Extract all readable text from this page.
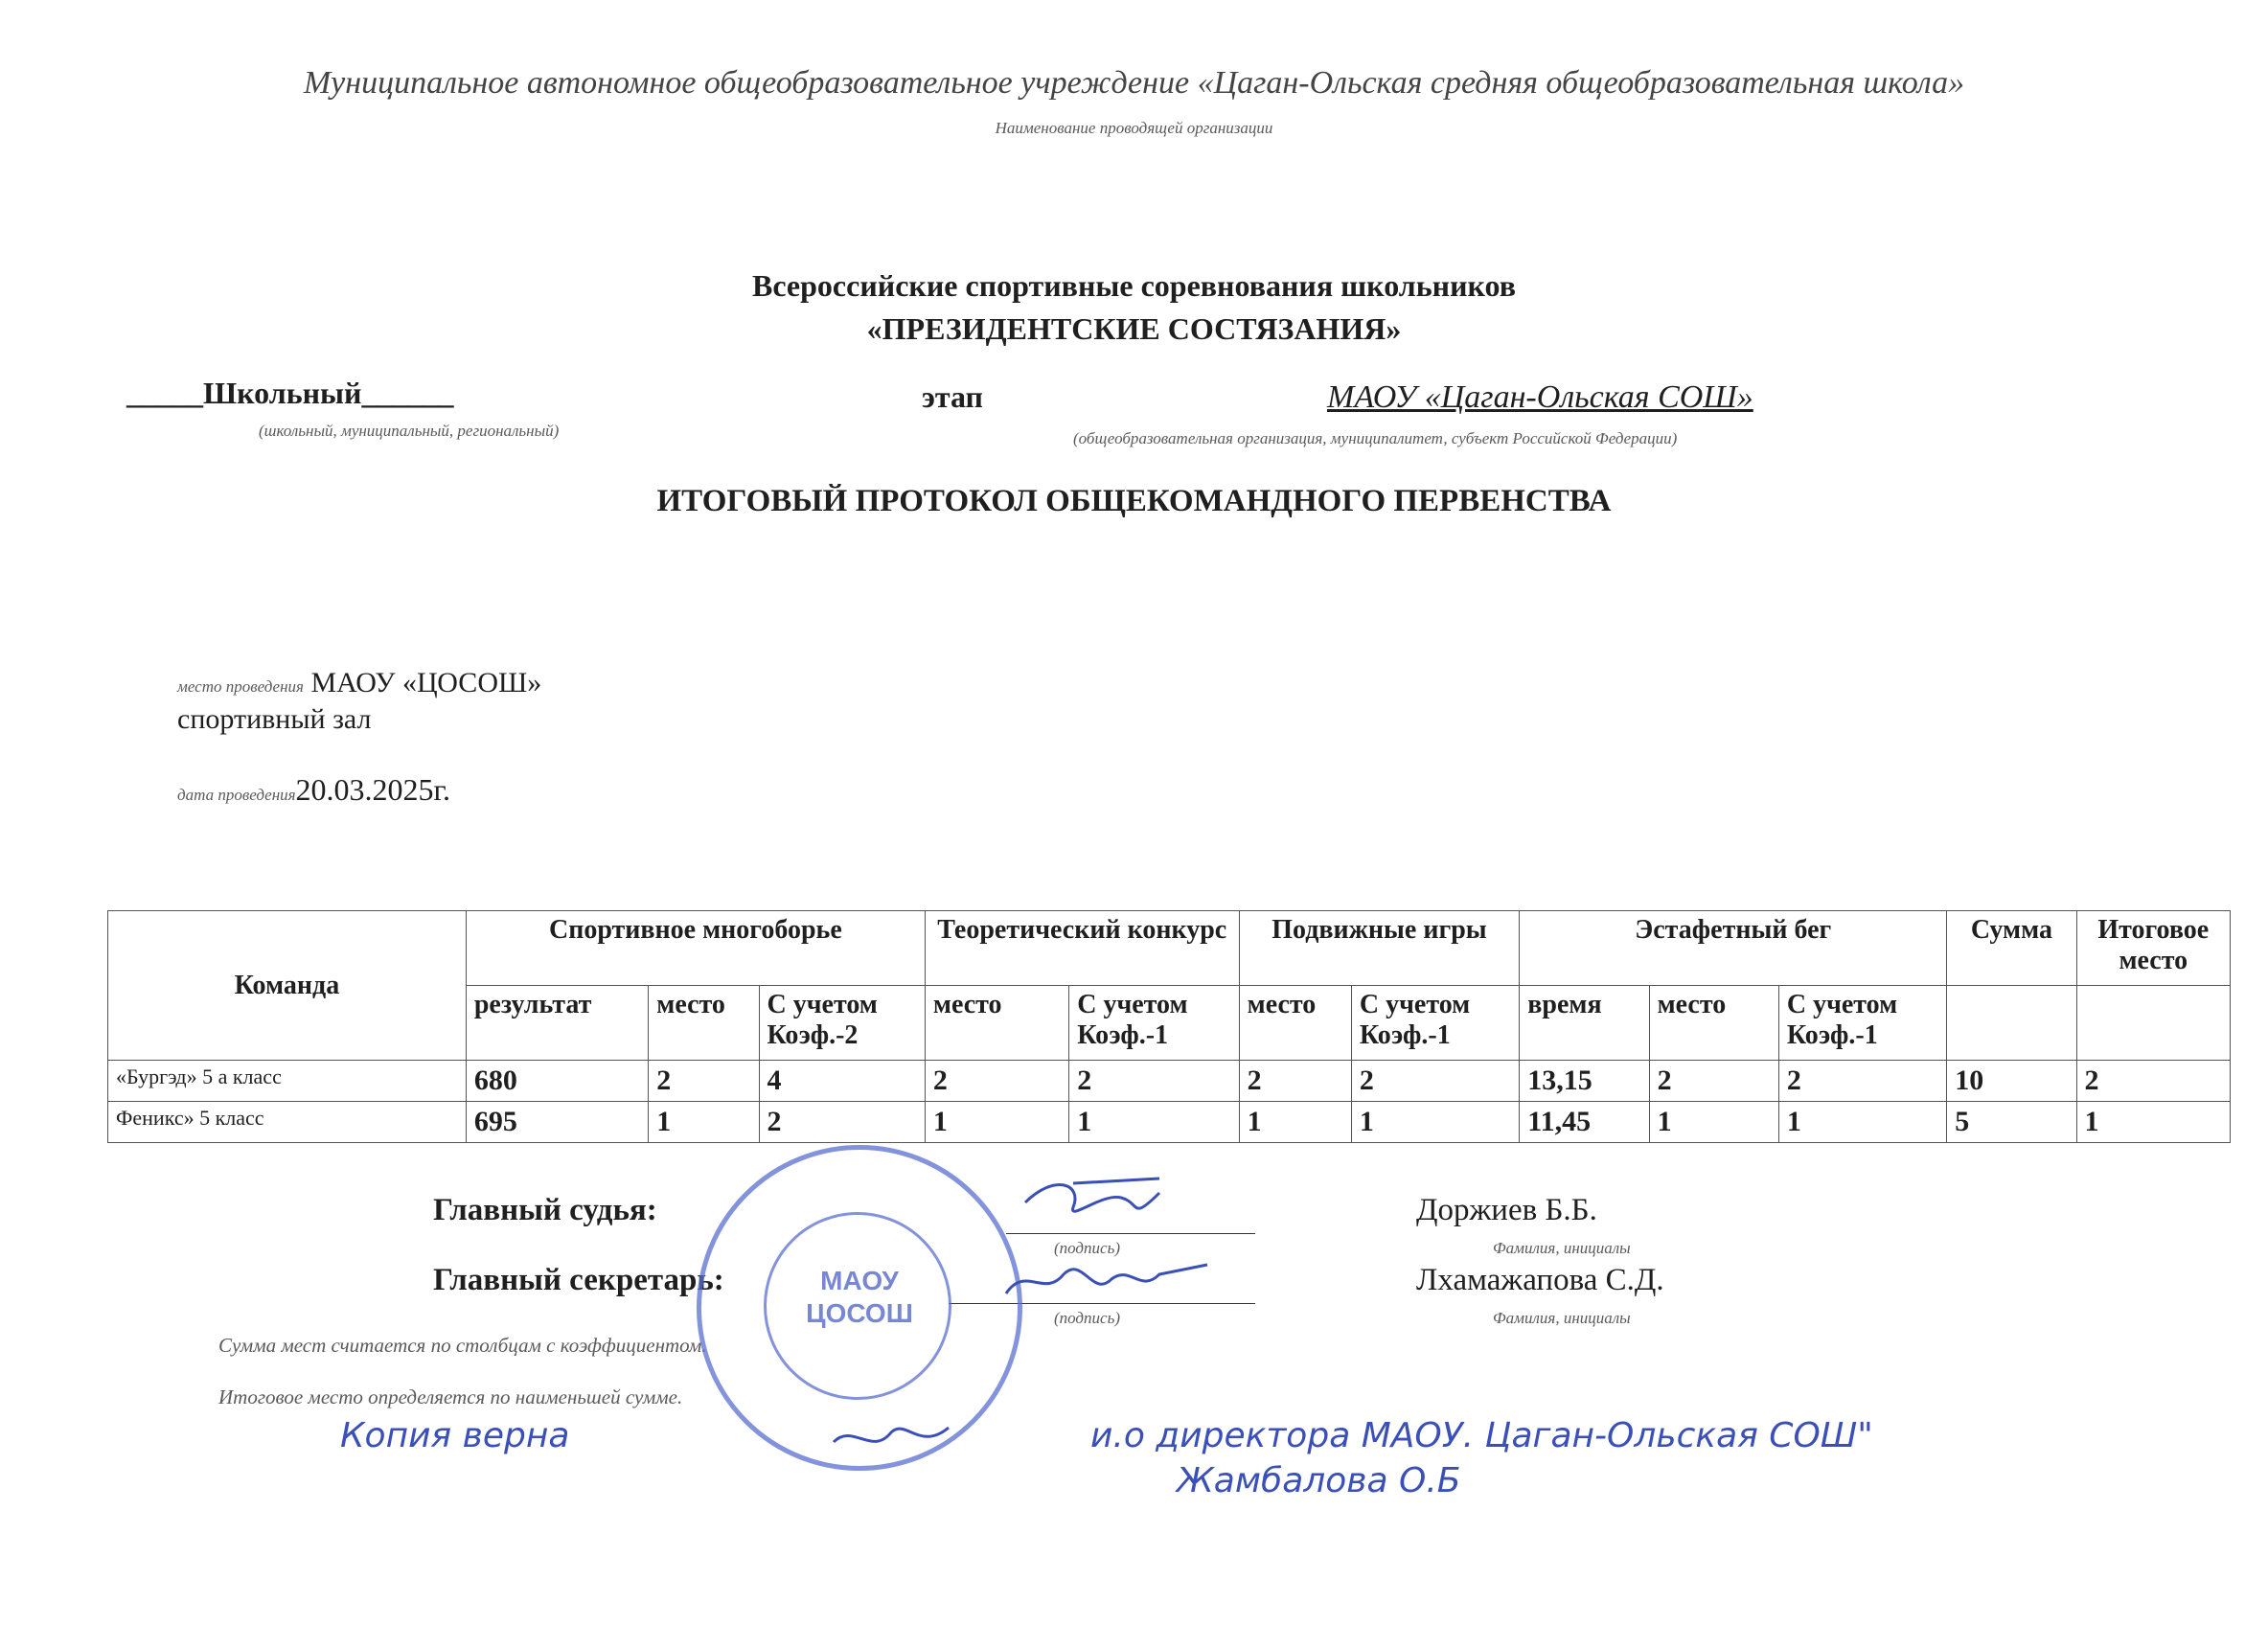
Муниципальное автономное общеобразовательное учреждение «Цаган-Ольская средняя общеобразовательная школа»
Наименование проводящей организации
Всероссийские спортивные соревнования школьников
«ПРЕЗИДЕНТСКИЕ СОСТЯЗАНИЯ»
_____Школьный______
(школьный, муниципальный, региональный)
этап	МАОУ «Цаган-Ольская СОШ»
(общеобразовательная организация, муниципалитет, субъект Российской Федерации)
ИТОГОВЫЙ ПРОТОКОЛ ОБЩЕКОМАНДНОГО ПЕРВЕНСТВА
место проведения МАОУ «ЦОСОШ»
спортивный зал
дата проведения20.03.2025г.
Команда	Спортивное многоборье			Теоретический конкурс		Подвижные игры		Эстафетный бег			Сумма	Итоговое место
	результат	место	С учетом Коэф.-2	место	С учетом Коэф.-1	место	С учетом Коэф.-1	время	место	С учетом Коэф.-1		
«Бургэд» 5 а класс	680	2	4	2	2	2	2	13,15	2	2	10	2
Феникс» 5 класс	695	1	2	1	1	1	1	11,45	1	1	5	1
Главный судья:
(подпись)
Доржиев Б.Б.
Фамилия, инициалы
Главный секретарь:
(подпись)
Лхамажапова С.Д.
Фамилия, инициалы
Сумма мест считается по столбцам с коэффициентом.
Итоговое место определяется по наименьшей сумме.
МАОУ
ЦОСОШ
Копия верна	и.о директора МАОУ. Цаган-Ольская СОШ"
Жамбалова О.Б
